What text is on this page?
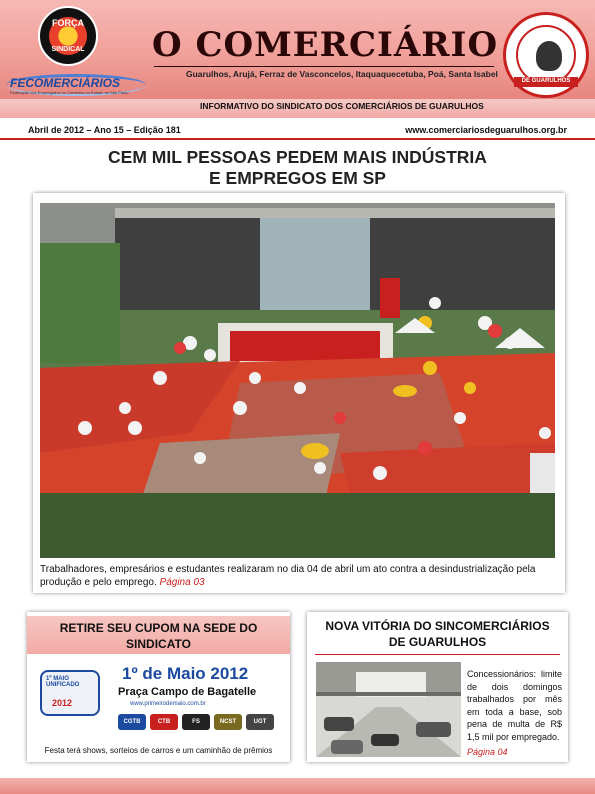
FORÇA
SINDICAL
FECOMERCIÁRIOS
Federação dos Empregados no Comércio no Estado de São Paulo
O COMERCIÁRIO
Guarulhos, Arujá, Ferraz de Vasconcelos, Itaquaquecetuba, Poá, Santa Isabel
INFORMATIVO DO SINDICATO DOS COMERCIÁRIOS DE GUARULHOS
DE GUARULHOS
Abril de 2012 – Ano 15 – Edição 181	www.comerciariosdeguarulhos.org.br
CEM MIL PESSOAS PEDEM MAIS INDÚSTRIA
E EMPREGOS EM SP
Trabalhadores, empresários e estudantes realizaram no dia 04 de abril um ato contra a desindustrialização pela produção e pelo emprego. Página 03
RETIRE SEU CUPOM NA SEDE DO
SINDICATO
1º MAIO UNIFICADO
2012
1º de Maio 2012
Praça Campo de Bagatelle
www.primeirodemaio.com.br
CGTB	CTB	FS	NCST	UGT
Festa terá shows, sorteios de carros e um caminhão de prêmios
NOVA VITÓRIA DO SINCOMERCIÁRIOS
DE GUARULHOS
Concessionários: limite de dois domingos trabalhados por mês em toda a base, sob pena de multa de R$ 1,5 mil por empregado.
Página 04
